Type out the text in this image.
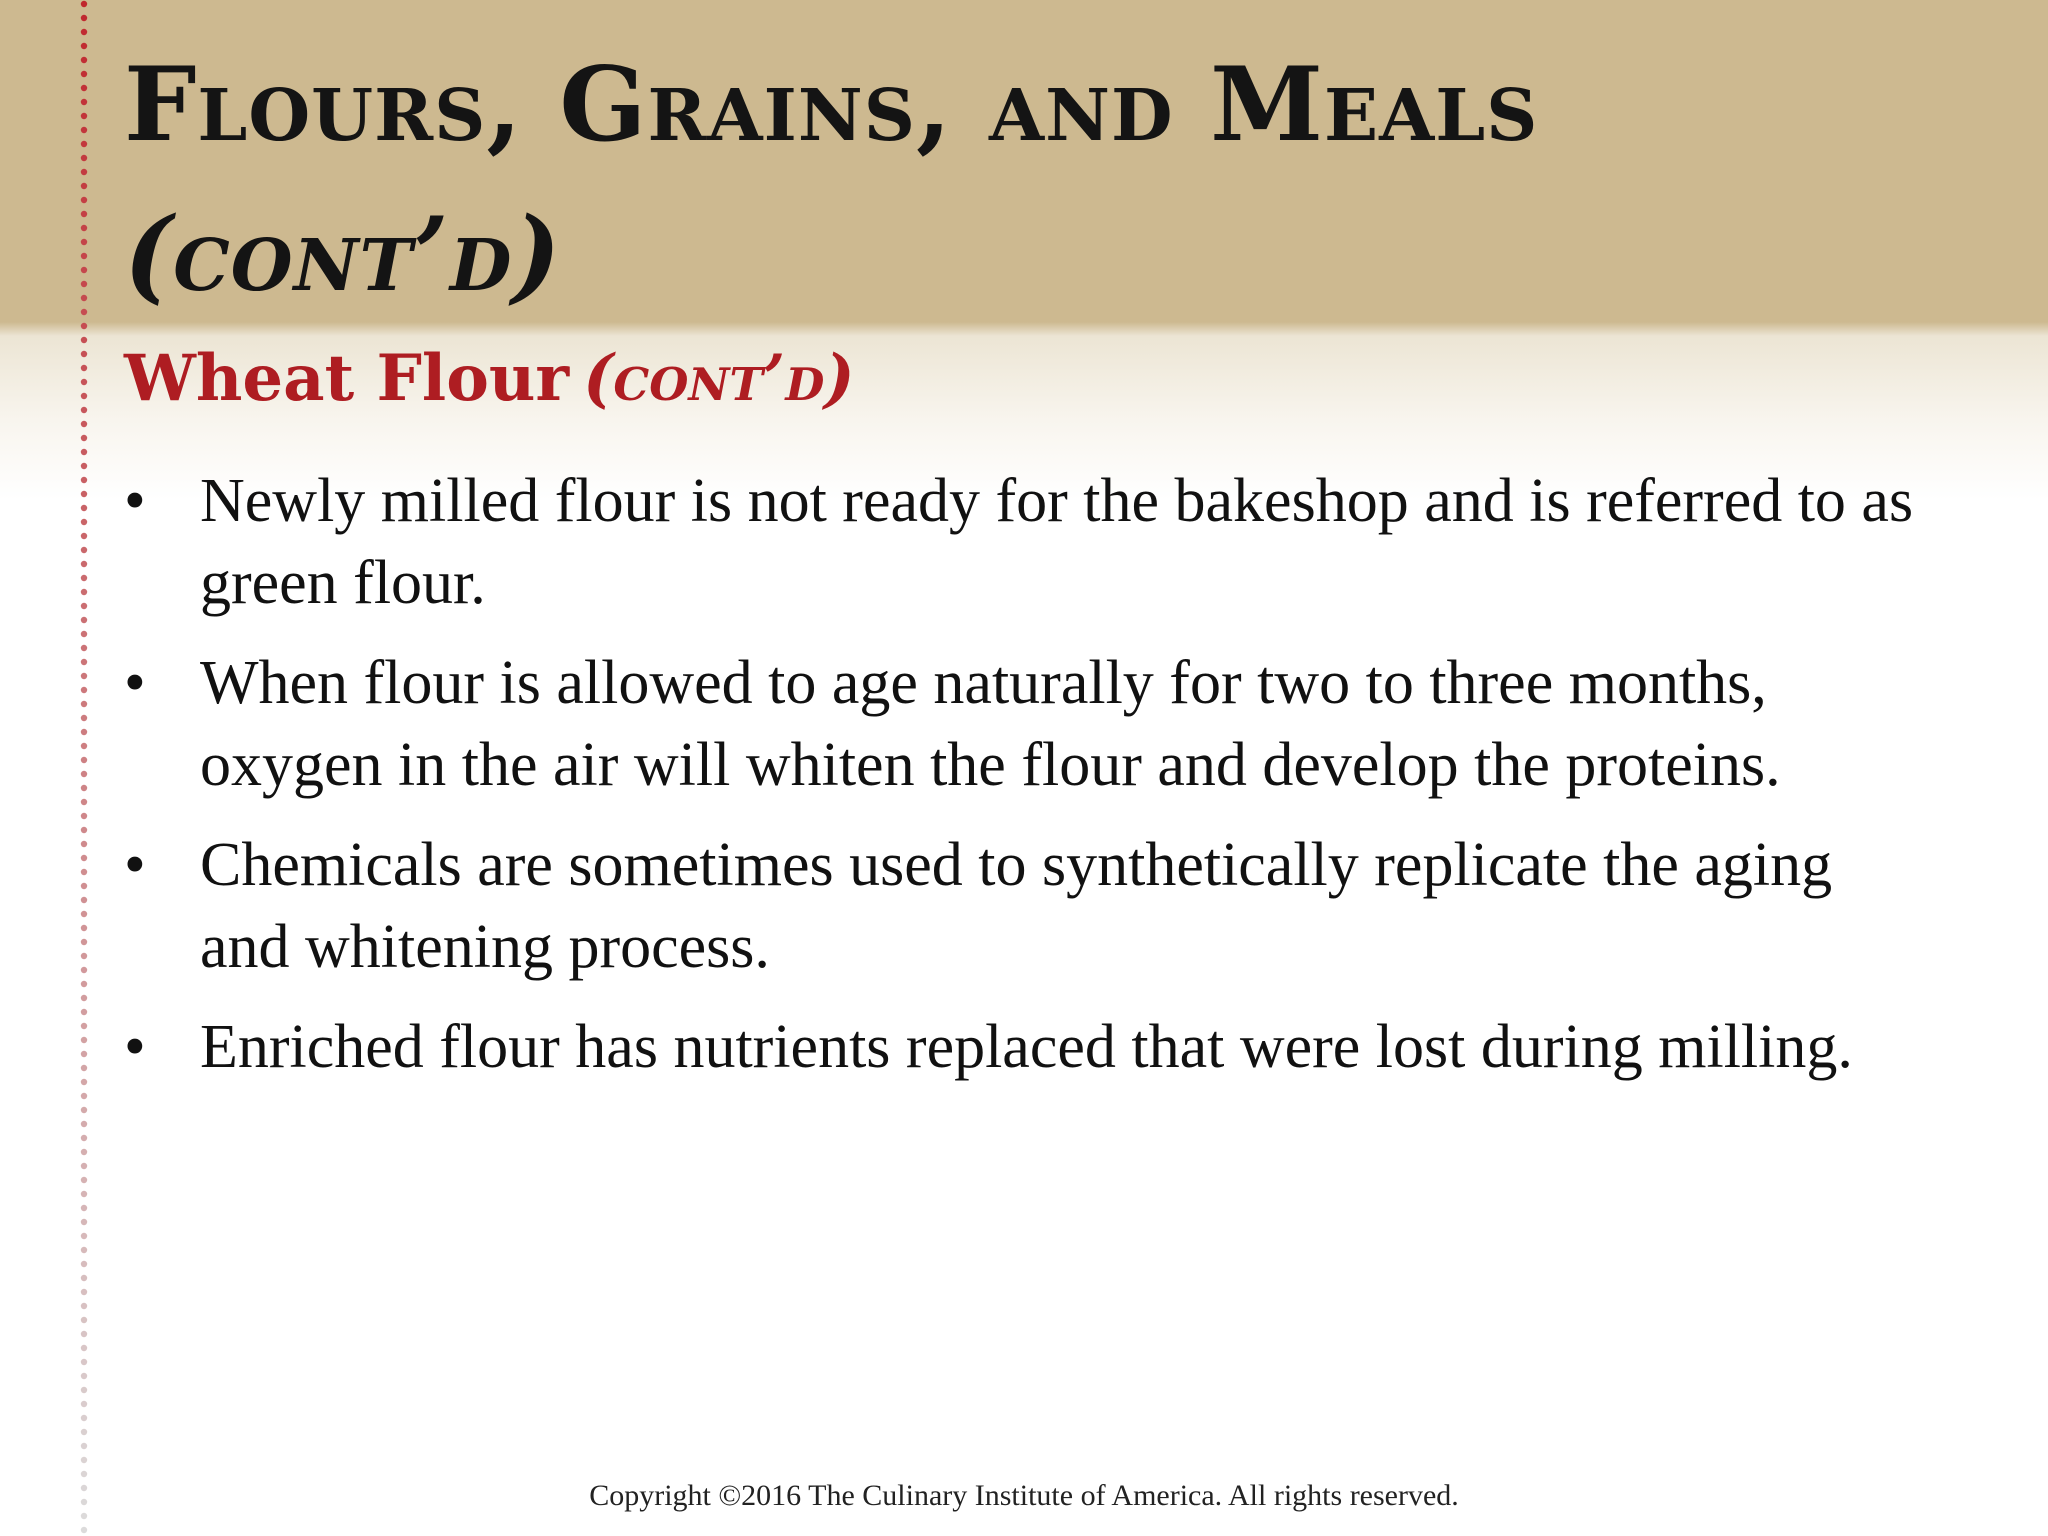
Flours, Grains, and Meals
(cont’d)
Wheat Flour (cont’d)
• Newly milled flour is not ready for the bakeshop and is referred to as green flour.
• When flour is allowed to age naturally for two to three months, oxygen in the air will whiten the flour and develop the proteins.
• Chemicals are sometimes used to synthetically replicate the aging and whitening process.
• Enriched flour has nutrients replaced that were lost during milling.
Copyright ©2016 The Culinary Institute of America. All rights reserved.
